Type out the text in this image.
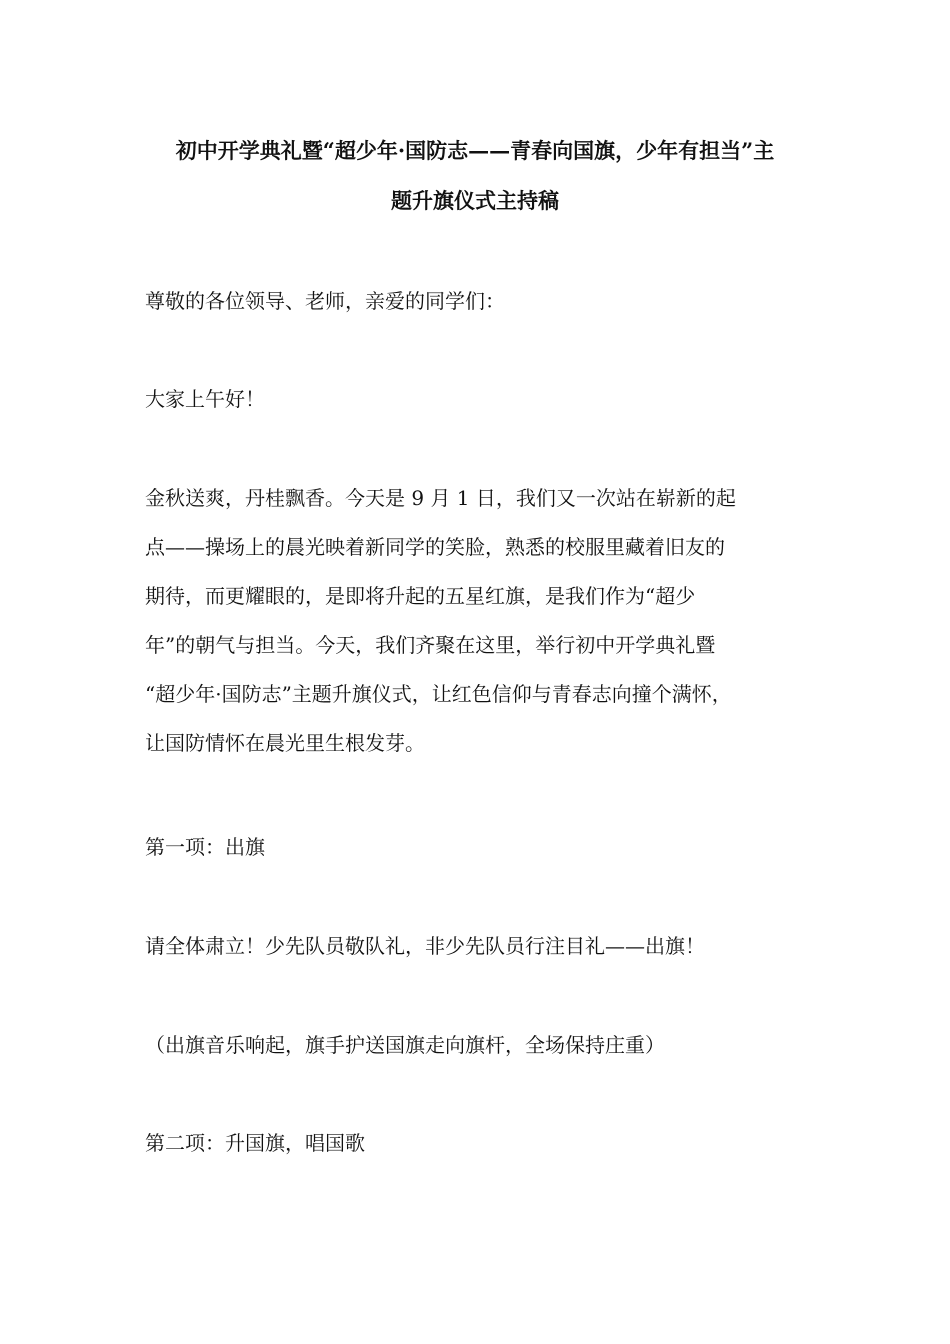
初中开学典礼暨“超少年·国防志——青春向国旗，少年有担当”主
题升旗仪式主持稿

尊敬的各位领导、老师，亲爱的同学们：

大家上午好！

金秋送爽，丹桂飘香。今天是 9 月 1 日，我们又一次站在崭新的起
点——操场上的晨光映着新同学的笑脸，熟悉的校服里藏着旧友的
期待，而更耀眼的，是即将升起的五星红旗，是我们作为“超少
年”的朝气与担当。今天，我们齐聚在这里，举行初中开学典礼暨
“超少年·国防志”主题升旗仪式，让红色信仰与青春志向撞个满怀，
让国防情怀在晨光里生根发芽。

第一项：出旗

请全体肃立！少先队员敬队礼，非少先队员行注目礼——出旗！

（出旗音乐响起，旗手护送国旗走向旗杆，全场保持庄重）

第二项：升国旗，唱国歌
